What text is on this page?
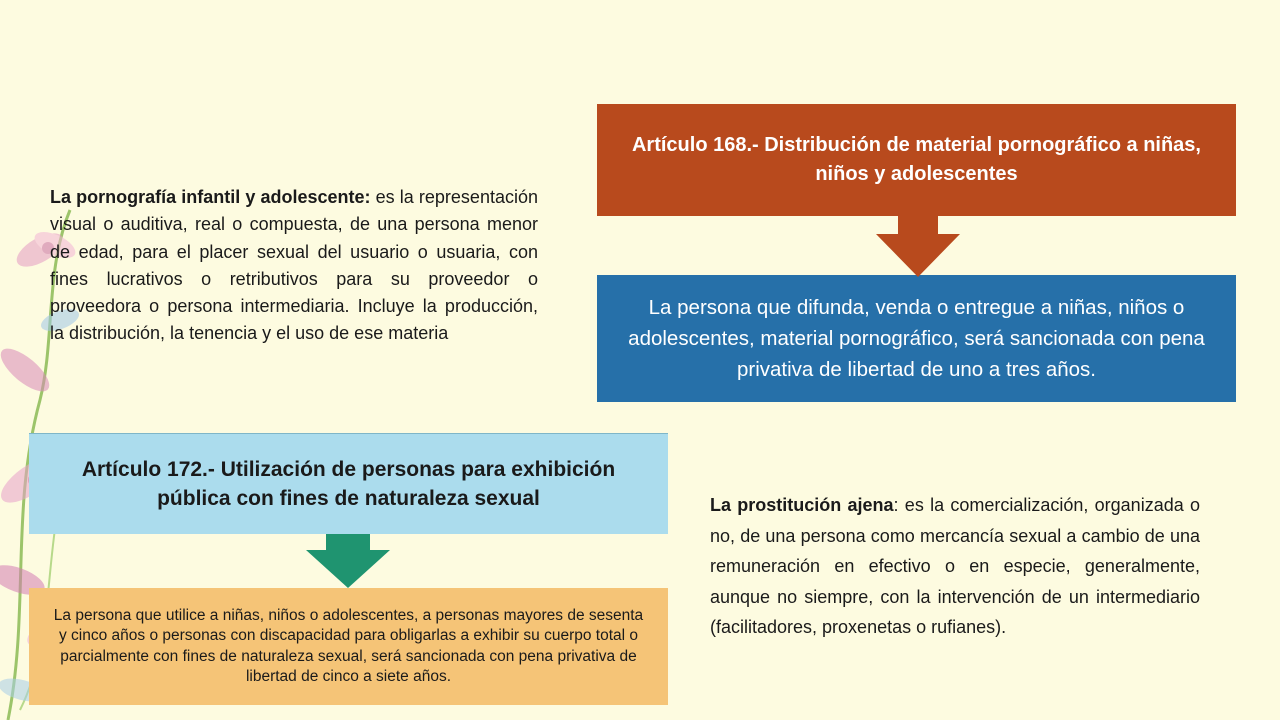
La pornografía infantil y adolescente: es la representación visual o auditiva, real o compuesta, de una persona menor de edad, para el placer sexual del usuario o usuaria, con fines lucrativos o retributivos para su proveedor o proveedora o persona intermediaria. Incluye la producción, la distribución, la tenencia y el uso de ese materia
Artículo 168.- Distribución de material pornográfico a niñas, niños y adolescentes
La persona que difunda, venda o entregue a niñas, niños o adolescentes, material pornográfico, será sancionada con pena privativa de libertad de uno a tres años.
Artículo 172.- Utilización de personas para exhibición pública con fines de naturaleza sexual
La persona que utilice a niñas, niños o adolescentes, a personas mayores de sesenta y cinco años o personas con discapacidad para obligarlas a exhibir su cuerpo total o parcialmente con fines de naturaleza sexual, será sancionada con pena privativa de libertad de cinco a siete años.
La prostitución ajena: es la comercialización, organizada o no, de una persona como mercancía sexual a cambio de una remuneración en efectivo o en especie, generalmente, aunque no siempre, con la intervención de un intermediario (facilitadores, proxenetas o rufianes).
